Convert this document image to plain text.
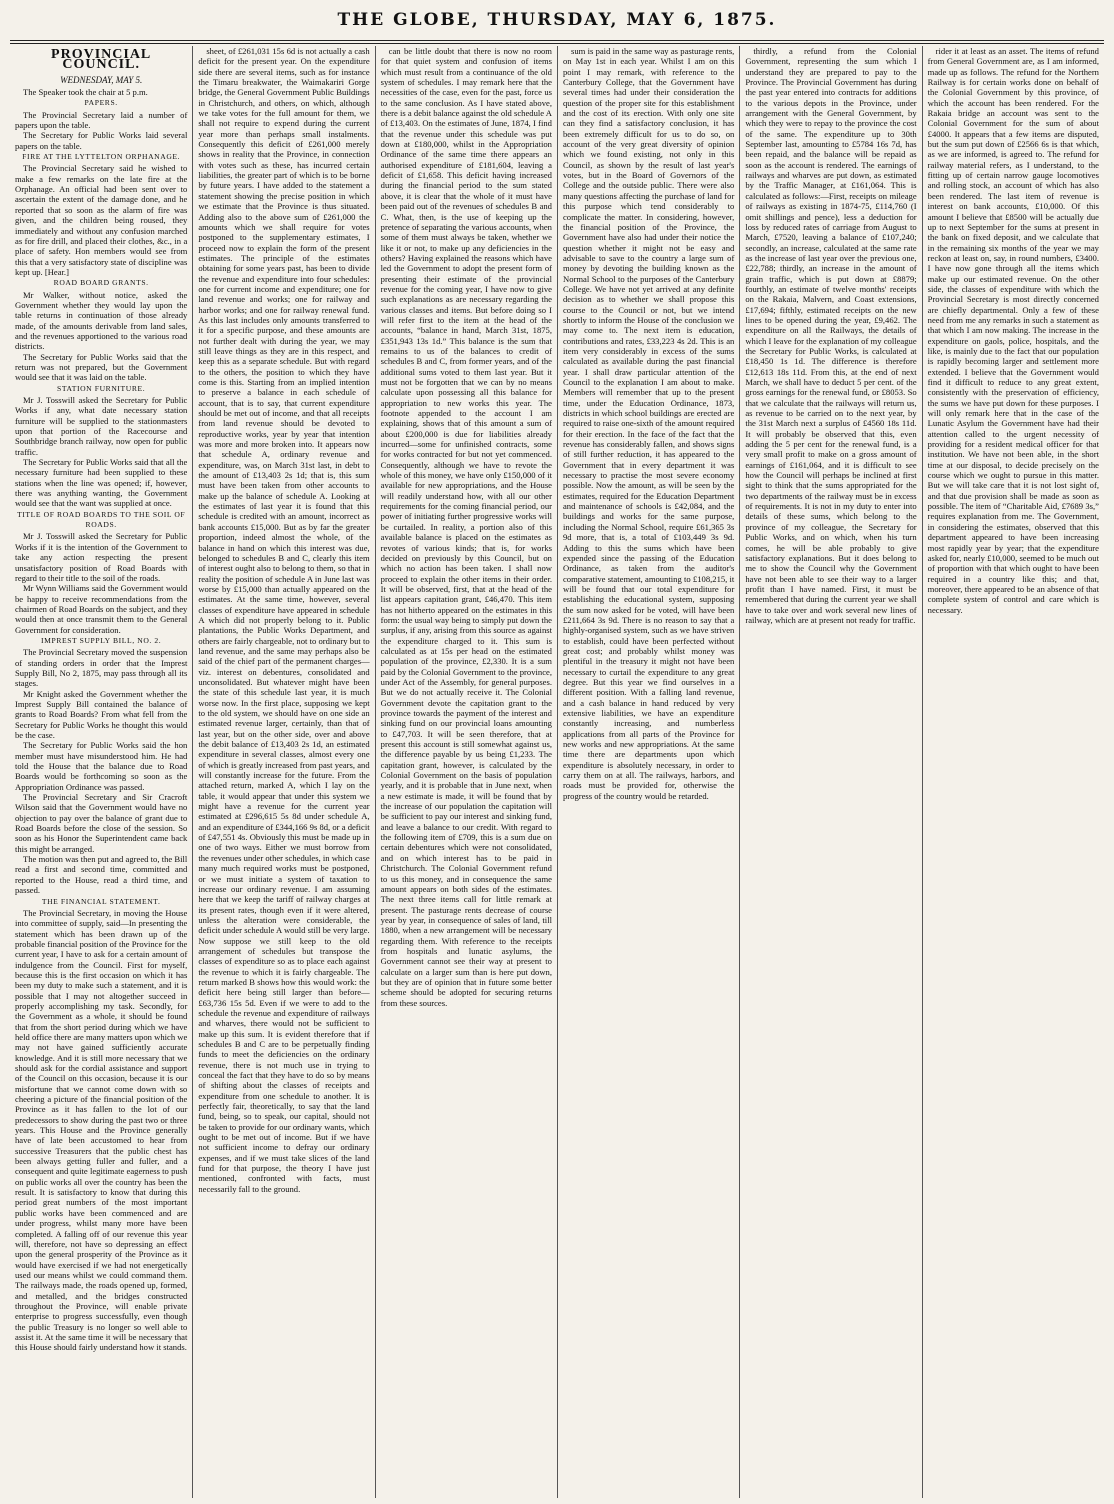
THE GLOBE, THURSDAY, MAY 6, 1875.
PROVINCIAL COUNCIL.
WEDNESDAY, MAY 5.

The Speaker took the chair at 5 p.m.

PAPERS.

The Provincial Secretary laid a number of papers upon the table.

The Secretary for Public Works laid several papers on the table.

FIRE AT THE LYTTELTON ORPHANAGE.

The Provincial Secretary said he wished to make a few remarks on the late fire at the Orphanage. An official had been sent over to ascertain the extent of the damage done, and he reported that so soon as the alarm of fire was given, and the children being roused, they immediately and without any confusion marched as for fire drill, and placed their clothes, &c., in a place of safety. Hon members would see from this that a very satisfactory state of discipline was kept up. [Hear.]

ROAD BOARD GRANTS.

Mr Walker, without notice, asked the Government whether they would lay upon the table returns in continuation of those already made, of the amounts derivable from land sales, and the revenues apportioned to the various road districts.

The Secretary for Public Works said that the return was not prepared, but the Government would see that it was laid on the table.

STATION FURNITURE.

Mr J. Tosswill asked the Secretary for Public Works if any, what date necessary station furniture will be supplied to the stationmasters upon that portion of the Racecourse and Southbridge branch railway, now open for public traffic.

The Secretary for Public Works said that all the necessary furniture had been supplied to these stations when the line was opened; if, however, there was anything wanting, the Government would see that the want was supplied at once.

TITLE OF ROAD BOARDS TO THE SOIL OF ROADS.

Mr J. Tosswill asked the Secretary for Public Works if it is the intention of the Government to take any action respecting the present unsatisfactory position of Road Boards with regard to their title to the soil of the roads.

Mr Wynn Williams said the Government would be happy to receive recommendations from the chairmen of Road Boards on the subject, and they would then at once transmit them to the General Government for consideration.

IMPREST SUPPLY BILL, NO. 2.

The Provincial Secretary moved the suspension of standing orders in order that the Imprest Supply Bill, No 2, 1875, may pass through all its stages.

Mr Knight asked the Government whether the Imprest Supply Bill contained the balance of grants to Road Boards? From what fell from the Secretary for Public Works he thought this would be the case.

The Secretary for Public Works said the hon member must have misunderstood him. He had told the House that the balance due to Road Boards would be forthcoming so soon as the Appropriation Ordinance was passed.

The Provincial Secretary and Sir Cracroft Wilson said that the Government would have no objection to pay over the balance of grant due to Road Boards before the close of the session. So soon as his Honor the Superintendent came back this might be arranged.

The motion was then put and agreed to, the Bill read a first and second time, committed and reported to the House, read a third time, and passed.

THE FINANCIAL STATEMENT.

The Provincial Secretary, in moving the House into committee of supply, said—In presenting the statement which has been drawn up of the probable financial position of the Province for the current year, I have to ask for a certain amount of indulgence from the Council. First for myself, because this is the first occasion on which it has been my duty to make such a statement, and it is possible that I may not altogether succeed in properly accomplishing my task. Secondly, for the Government as a whole, it should be found that from the short period during which we have held office there are many matters upon which we may not have gained sufficiently accurate knowledge. And it is still more necessary that we should ask for the cordial assistance and support of the Council on this occasion, because it is our misfortune that we cannot come down with so cheering a picture of the financial position of the Province as it has fallen to the lot of our predecessors to show during the past two or three years. This House and the Province generally have of late been accustomed to hear from successive Treasurers that the public chest has been always getting fuller and fuller, and a consequent and quite legitimate eagerness to push on public works all over the country has been the result. It is satisfactory to know that during this period great numbers of the most important public works have been commenced and are under progress, whilst many more have been completed. A falling off of our revenue this year will, therefore, not have so depressing an effect upon the general prosperity of the Province as it would have exercised if we had not energetically used our means whilst we could command them. The railways made, the roads opened up, formed, and metalled, and the bridges constructed throughout the Province, will enable private enterprise to progress successfully, even though the public Treasury is no longer so well able to assist it. At the same time it will be necessary that this House should fairly understand how it stands.

sheet, of £261,031 15s 6d is not actually a cash deficit for the present year. On the expenditure side there are several items, such as for instance the Timaru breakwater, the Waimakariri Gorge bridge, the General Government Public Buildings in Christchurch, and others, on which, although we take votes for the full amount for them, we shall not require to expend during the current year more than perhaps small instalments. Consequently this deficit of £261,000 merely shows in reality that the Province, in connection with votes such as these, has incurred certain liabilities, the greater part of which is to be borne by future years. I have added to the statement a statement showing the precise position in which we estimate that the Province is thus situated. Adding also to the above sum of £261,000 the amounts which we shall require for votes postponed to the supplementary estimates, I proceed now to explain the form of the present estimates. The principle of the estimates obtaining for some years past, has been to divide the revenue and expenditure into four schedules: one for current income and expenditure; one for land revenue and works; one for railway and harbor works; and one for railway renewal fund. As this last includes only amounts transferred to it for a specific purpose, and these amounts are not further dealt with during the year, we may still leave things as they are in this respect, and keep this as a separate schedule. But with regard to the others, the position to which they have come is this. Starting from an implied intention to preserve a balance in each schedule of account, that is to say, that current expenditure should be met out of income, and that all receipts from land revenue should be devoted to reproductive works, year by year that intention was more and more broken into. It appears now that schedule A, ordinary revenue and expenditure, was, on March 31st last, in debt to the amount of £13,403 2s 1d; that is, this sum must have been taken from other accounts to make up the balance of schedule A. Looking at the estimates of last year it is found that this schedule is credited with an amount, incorrect as bank accounts £15,000. But as by far the greater proportion, indeed almost the whole, of the balance in hand on which this interest was due, belonged to schedules B and C, clearly this item of interest ought also to belong to them, so that in reality the position of schedule A in June last was worse by £15,000 than actually appeared on the estimates. At the same time, however, several classes of expenditure have appeared in schedule A which did not properly belong to it. Public plantations, the Public Works Department, and others are fairly chargeable, not to ordinary but to land revenue, and the same may perhaps also be said of the chief part of the permanent charges—viz. interest on debentures, consolidated and unconsolidated. But whatever might have been the state of this schedule last year, it is much worse now. In the first place, supposing we kept to the old system, we should have on one side an estimated revenue larger, certainly, than that of last year, but on the other side, over and above the debit balance of £13,403 2s 1d, an estimated expenditure in several classes, almost every one of which is greatly increased from past years, and will constantly increase for the future. From the attached return, marked A, which I lay on the table, it would appear that under this system we might have a revenue for the current year estimated at £296,615 5s 8d under schedule A, and an expenditure of £344,166 9s 8d, or a deficit of £47,551 4s. Obviously this must be made up in one of two ways. Either we must borrow from the revenues under other schedules, in which case many much required works must be postponed, or we must initiate a system of taxation to increase our ordinary revenue. I am assuming here that we keep the tariff of railway charges at its present rates, though even if it were altered, unless the alteration were considerable, the deficit under schedule A would still be very large. Now suppose we still keep to the old arrangement of schedules but transpose the classes of expenditure so as to place each against the revenue to which it is fairly chargeable. The return marked B shows how this would work: the deficit here being still larger than before—£63,736 15s 5d. Even if we were to add to the schedule the revenue and expenditure of railways and wharves, there would not be sufficient to make up this sum. It is evident therefore that if schedules B and C are to be perpetually finding funds to meet the deficiencies on the ordinary revenue, there is not much use in trying to conceal the fact that they have to do so by means of shifting about the classes of receipts and expenditure from one schedule to another. It is perfectly fair, theoretically, to say that the land fund, being, so to speak, our capital, should not be taken to provide for our ordinary wants, which ought to be met out of income. But if we have not sufficient income to defray our ordinary expenses, and if we must take slices of the land fund for that purpose, the theory I have just mentioned, confronted with facts, must necessarily fall to the ground.

can be little doubt that there is now no room for that quiet system and confusion of items which must result from a continuance of the old system of schedules. I may remark here that the necessities of the case, even for the past, force us to the same conclusion. As I have stated above, there is a debit balance against the old schedule A of £13,403. On the estimates of June, 1874, I find that the revenue under this schedule was put down at £180,000, whilst in the Appropriation Ordinance of the same time there appears an authorised expenditure of £181,604, leaving a deficit of £1,658. This deficit having increased during the financial period to the sum stated above, it is clear that the whole of it must have been paid out of the revenues of schedules B and C. What, then, is the use of keeping up the pretence of separating the various accounts, when some of them must always be taken, whether we like it or not, to make up any deficiencies in the others? Having explained the reasons which have led the Government to adopt the present form of presenting their estimate of the provincial revenue for the coming year, I have now to give such explanations as are necessary regarding the various classes and items. But before doing so I will refer first to the item at the head of the accounts, “balance in hand, March 31st, 1875, £351,943 13s 1d.” This balance is the sum that remains to us of the balances to credit of schedules B and C, from former years, and of the additional sums voted to them last year. But it must not be forgotten that we can by no means calculate upon possessing all this balance for appropriation to new works this year. The footnote appended to the account I am explaining, shows that of this amount a sum of about £200,000 is due for liabilities already incurred—some for unfinished contracts, some for works contracted for but not yet commenced. Consequently, although we have to revote the whole of this money, we have only £150,000 of it available for new appropriations, and the House will readily understand how, with all our other requirements for the coming financial period, our power of initiating further progressive works will be curtailed. In reality, a portion also of this available balance is placed on the estimates as revotes of various kinds; that is, for works decided on previously by this Council, but on which no action has been taken. I shall now proceed to explain the other items in their order. It will be observed, first, that at the head of the list appears capitation grant, £46,470. This item has not hitherto appeared on the estimates in this form: the usual way being to simply put down the surplus, if any, arising from this source as against the expenditure charged to it. This sum is calculated as at 15s per head on the estimated population of the province, £2,330. It is a sum paid by the Colonial Government to the province, under Act of the Assembly, for general purposes. But we do not actually receive it. The Colonial Government devote the capitation grant to the province towards the payment of the interest and sinking fund on our provincial loans amounting to £47,703. It will be seen therefore, that at present this account is still somewhat against us, the difference payable by us being £1,233. The capitation grant, however, is calculated by the Colonial Government on the basis of population yearly, and it is probable that in June next, when a new estimate is made, it will be found that by the increase of our population the capitation will be sufficient to pay our interest and sinking fund, and leave a balance to our credit. With regard to the following item of £709, this is a sum due on certain debentures which were not consolidated, and on which interest has to be paid in Christchurch. The Colonial Government refund to us this money, and in consequence the same amount appears on both sides of the estimates. The next three items call for little remark at present. The pasturage rents decrease of course year by year, in consequence of sales of land, till 1880, when a new arrangement will be necessary regarding them. With reference to the receipts from hospitals and lunatic asylums, the Government cannot see their way at present to calculate on a larger sum than is here put down, but they are of opinion that in future some better scheme should be adopted for securing returns from these sources.

sum is paid in the same way as pasturage rents, on May 1st in each year. Whilst I am on this point I may remark, with reference to the Canterbury College, that the Government have several times had under their consideration the question of the proper site for this establishment and the cost of its erection. With only one site can they find a satisfactory conclusion, it has been extremely difficult for us to do so, on account of the very great diversity of opinion which we found existing, not only in this Council, as shown by the result of last year's votes, but in the Board of Governors of the College and the outside public. There were also many questions affecting the purchase of land for this purpose which tend considerably to complicate the matter. In considering, however, the financial position of the Province, the Government have also had under their notice the question whether it might not be easy and advisable to save to the country a large sum of money by devoting the building known as the Normal School to the purposes of the Canterbury College. We have not yet arrived at any definite decision as to whether we shall propose this course to the Council or not, but we intend shortly to inform the House of the conclusion we may come to. The next item is education, contributions and rates, £33,223 4s 2d. This is an item very considerably in excess of the sums calculated as available during the past financial year. I shall draw particular attention of the Council to the explanation I am about to make. Members will remember that up to the present time, under the Education Ordinance, 1873, districts in which school buildings are erected are required to raise one-sixth of the amount required for their erection. In the face of the fact that the revenue has considerably fallen, and shows signs of still further reduction, it has appeared to the Government that in every department it was necessary to practise the most severe economy possible. Now the amount, as will be seen by the estimates, required for the Education Department and maintenance of schools is £42,084, and the buildings and works for the same purpose, including the Normal School, require £61,365 3s 9d more, that is, a total of £103,449 3s 9d. Adding to this the sums which have been expended since the passing of the Education Ordinance, as taken from the auditor's comparative statement, amounting to £108,215, it will be found that our total expenditure for establishing the educational system, supposing the sum now asked for be voted, will have been £211,664 3s 9d. There is no reason to say that a highly-organised system, such as we have striven to establish, could have been perfected without great cost; and probably whilst money was plentiful in the treasury it might not have been necessary to curtail the expenditure to any great degree. But this year we find ourselves in a different position. With a falling land revenue, and a cash balance in hand reduced by very extensive liabilities, we have an expenditure constantly increasing, and numberless applications from all parts of the Province for new works and new appropriations. At the same time there are departments upon which expenditure is absolutely necessary, in order to carry them on at all. The railways, harbors, and roads must be provided for, otherwise the progress of the country would be retarded.

thirdly, a refund from the Colonial Government, representing the sum which I understand they are prepared to pay to the Province. The Provincial Government has during the past year entered into contracts for additions to the various depots in the Province, under arrangement with the General Government, by which they were to repay to the province the cost of the same. The expenditure up to 30th September last, amounting to £5784 16s 7d, has been repaid, and the balance will be repaid as soon as the account is rendered. The earnings of railways and wharves are put down, as estimated by the Traffic Manager, at £161,064. This is calculated as follows:—First, receipts on mileage of railways as existing in 1874-75, £114,760 (I omit shillings and pence), less a deduction for loss by reduced rates of carriage from August to March, £7520, leaving a balance of £107,240; secondly, an increase, calculated at the same rate as the increase of last year over the previous one, £22,788; thirdly, an increase in the amount of grain traffic, which is put down at £8879; fourthly, an estimate of twelve months' receipts on the Rakaia, Malvern, and Coast extensions, £17,694; fifthly, estimated receipts on the new lines to be opened during the year, £9,462. The expenditure on all the Railways, the details of which I leave for the explanation of my colleague the Secretary for Public Works, is calculated at £18,450 1s 1d. The difference is therefore £12,613 18s 11d. From this, at the end of next March, we shall have to deduct 5 per cent. of the gross earnings for the renewal fund, or £8053. So that we calculate that the railways will return us, as revenue to be carried on to the next year, by the 31st March next a surplus of £4560 18s 11d. It will probably be observed that this, even adding the 5 per cent for the renewal fund, is a very small profit to make on a gross amount of earnings of £161,064, and it is difficult to see how the Council will perhaps be inclined at first sight to think that the sums appropriated for the two departments of the railway must be in excess of requirements. It is not in my duty to enter into details of these sums, which belong to the province of my colleague, the Secretary for Public Works, and on which, when his turn comes, he will be able probably to give satisfactory explanations. But it does belong to me to show the Council why the Government have not been able to see their way to a larger profit than I have named. First, it must be remembered that during the current year we shall have to take over and work several new lines of railway, which are at present not ready for traffic.

rider it at least as an asset. The items of refund from General Government are, as I am informed, made up as follows. The refund for the Northern Railway is for certain works done on behalf of the Colonial Government by this province, of which the account has been rendered. For the Rakaia bridge an account was sent to the Colonial Government for the sum of about £4000. It appears that a few items are disputed, but the sum put down of £2566 6s is that which, as we are informed, is agreed to. The refund for railway material refers, as I understand, to the fitting up of certain narrow gauge locomotives and rolling stock, an account of which has also been rendered. The last item of revenue is interest on bank accounts, £10,000. Of this amount I believe that £8500 will be actually due up to next September for the sums at present in the bank on fixed deposit, and we calculate that in the remaining six months of the year we may reckon at least on, say, in round numbers, £3400. I have now gone through all the items which make up our estimated revenue. On the other side, the classes of expenditure with which the Provincial Secretary is most directly concerned are chiefly departmental. Only a few of these need from me any remarks in such a statement as that which I am now making. The increase in the expenditure on gaols, police, hospitals, and the like, is mainly due to the fact that our population is rapidly becoming larger and settlement more extended. I believe that the Government would find it difficult to reduce to any great extent, consistently with the preservation of efficiency, the sums we have put down for these purposes. I will only remark here that in the case of the Lunatic Asylum the Government have had their attention called to the urgent necessity of providing for a resident medical officer for that institution. We have not been able, in the short time at our disposal, to decide precisely on the course which we ought to pursue in this matter. But we will take care that it is not lost sight of, and that due provision shall be made as soon as possible. The item of “Charitable Aid, £7689 3s,” requires explanation from me. The Government, in considering the estimates, observed that this department appeared to have been increasing most rapidly year by year; that the expenditure asked for, nearly £10,000, seemed to be much out of proportion with that which ought to have been required in a country like this; and that, moreover, there appeared to be an absence of that complete system of control and care which is necessary.
